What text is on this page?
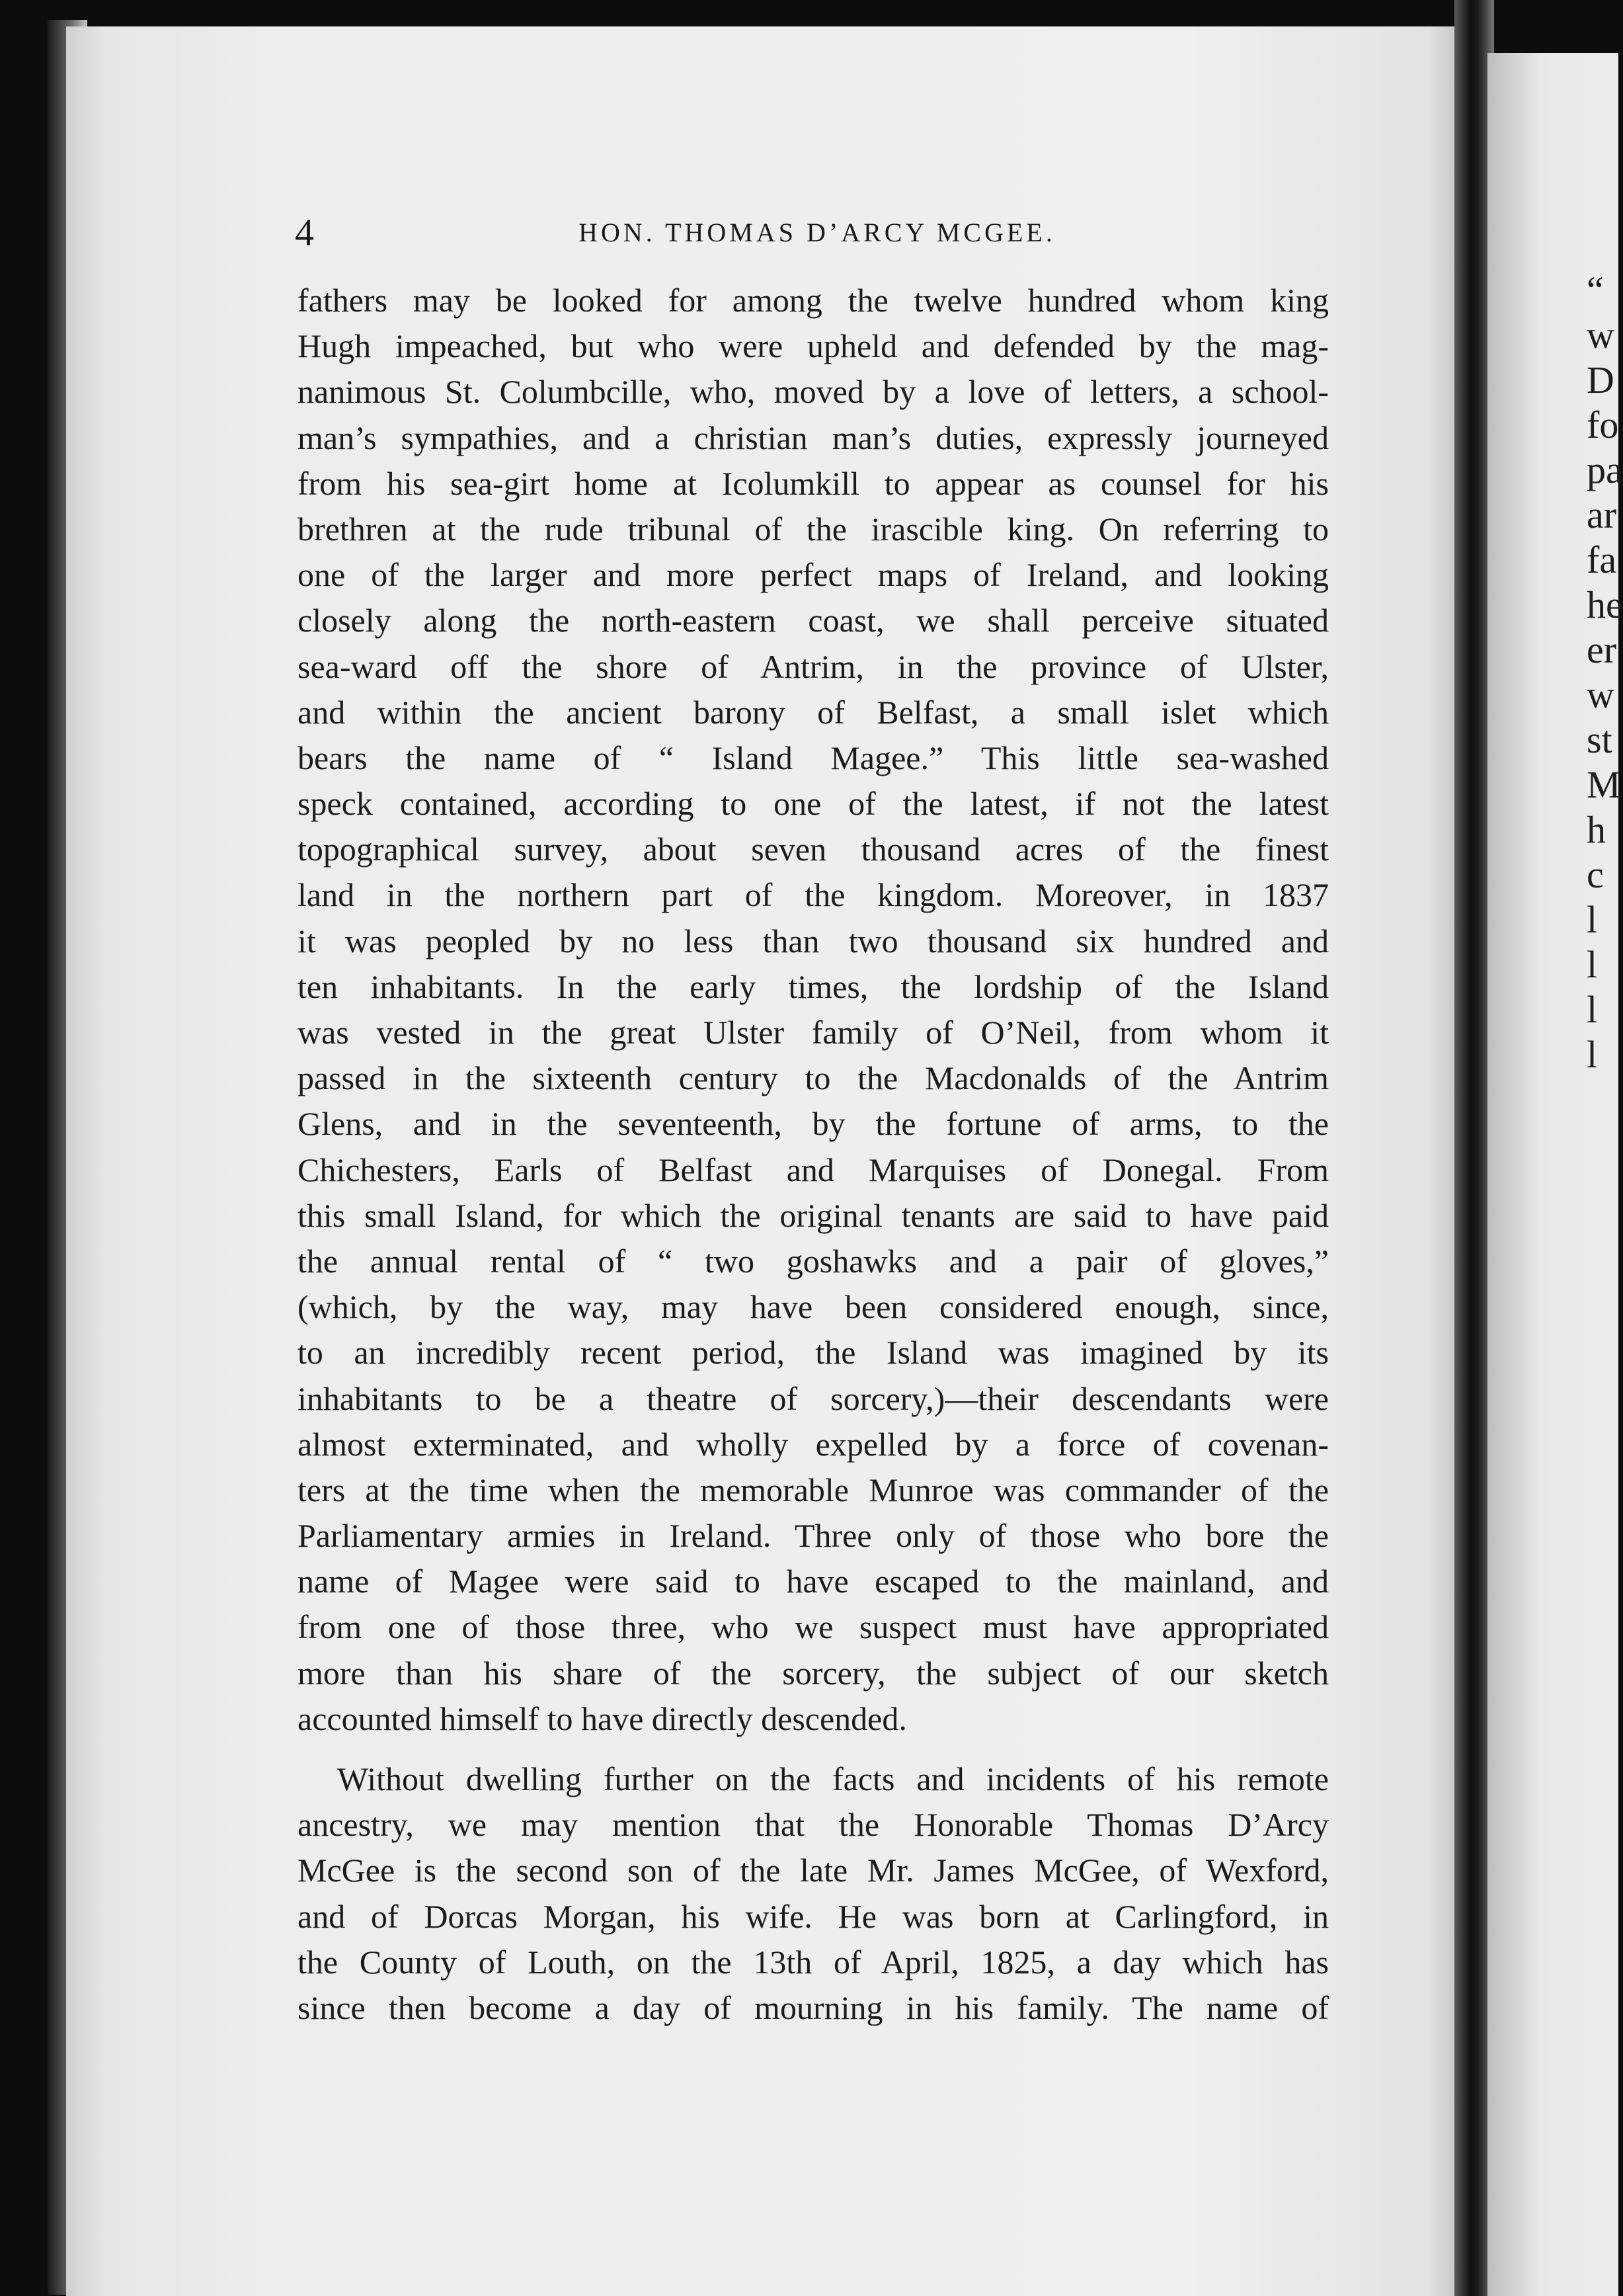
“
w
D
fo
pa
ar
fa
he
er
w
st
M
h
c
l
l
l
l
4	HON. THOMAS D’ARCY MCGEE.
fathers may be looked for among the twelve hundred whom king
Hugh impeached, but who were upheld and defended by the mag-
nanimous St. Columbcille, who, moved by a love of letters, a school-
man’s sympathies, and a christian man’s duties, expressly journeyed
from his sea-girt home at Icolumkill to appear as counsel for his
brethren at the rude tribunal of the irascible king. On referring to
one of the larger and more perfect maps of Ireland, and looking
closely along the north-eastern coast, we shall perceive situated
sea-ward off the shore of Antrim, in the province of Ulster,
and within the ancient barony of Belfast, a small islet which
bears the name of “ Island Magee.” This little sea-washed
speck contained, according to one of the latest, if not the latest
topographical survey, about seven thousand acres of the finest
land in the northern part of the kingdom. Moreover, in 1837
it was peopled by no less than two thousand six hundred and
ten inhabitants. In the early times, the lordship of the Island
was vested in the great Ulster family of O’Neil, from whom it
passed in the sixteenth century to the Macdonalds of the Antrim
Glens, and in the seventeenth, by the fortune of arms, to the
Chichesters, Earls of Belfast and Marquises of Donegal. From
this small Island, for which the original tenants are said to have paid
the annual rental of “ two goshawks and a pair of gloves,”
(which, by the way, may have been considered enough, since,
to an incredibly recent period, the Island was imagined by its
inhabitants to be a theatre of sorcery,)—their descendants were
almost exterminated, and wholly expelled by a force of covenan-
ters at the time when the memorable Munroe was commander of the
Parliamentary armies in Ireland. Three only of those who bore the
name of Magee were said to have escaped to the mainland, and
from one of those three, who we suspect must have appropriated
more than his share of the sorcery, the subject of our sketch
accounted himself to have directly descended.
Without dwelling further on the facts and incidents of his remote
ancestry, we may mention that the Honorable Thomas D’Arcy
McGee is the second son of the late Mr. James McGee, of Wexford,
and of Dorcas Morgan, his wife. He was born at Carlingford, in
the County of Louth, on the 13th of April, 1825, a day which has
since then become a day of mourning in his family. The name of
